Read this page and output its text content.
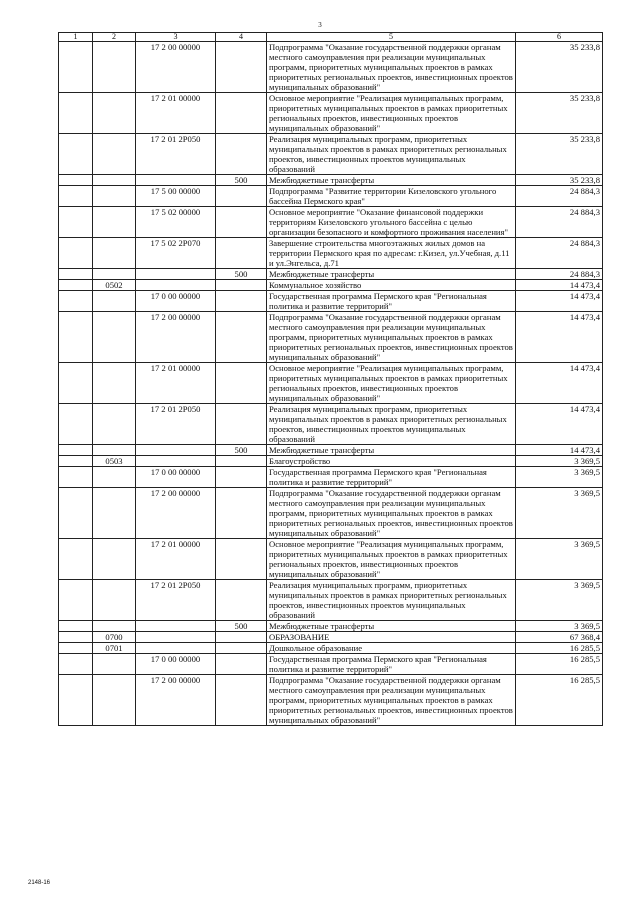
3
1	2	3	4	5	6
		17 2 00 00000		Подпрограмма "Оказание государственной поддержки органам местного самоуправления при реализации муниципальных программ, приоритетных муниципальных проектов в рамках приоритетных региональных проектов, инвестиционных проектов муниципальных образований"	35 233,8
		17 2 01 00000		Основное мероприятие "Реализация муниципальных программ, приоритетных муниципальных проектов в рамках приоритетных региональных проектов, инвестиционных проектов муниципальных образований"	35 233,8
		17 2 01 2Р050		Реализация муниципальных программ, приоритетных муниципальных проектов в рамках приоритетных региональных проектов, инвестиционных проектов муниципальных образований	35 233,8
			500	Межбюджетные трансферты	35 233,8
		17 5 00 00000		Подпрограмма "Развитие территории Кизеловского угольного бассейна Пермского края"	24 884,3
		17 5 02 00000		Основное мероприятие "Оказание финансовой поддержки территориям Кизеловского угольного бассейна с целью организации безопасного и комфортного проживания населения"	24 884,3
		17 5 02 2Р070		Завершение строительства многоэтажных жилых домов на территории Пермского края по адресам: г.Кизел, ул.Учебная, д.11 и ул.Энгельса, д.71	24 884,3
			500	Межбюджетные трансферты	24 884,3
	0502			Коммунальное хозяйство	14 473,4
		17 0 00 00000		Государственная программа Пермского края "Региональная политика и развитие территорий"	14 473,4
		17 2 00 00000		Подпрограмма "Оказание государственной поддержки органам местного самоуправления при реализации муниципальных программ, приоритетных муниципальных проектов в рамках приоритетных региональных проектов, инвестиционных проектов муниципальных образований"	14 473,4
		17 2 01 00000		Основное мероприятие "Реализация муниципальных программ, приоритетных муниципальных проектов в рамках приоритетных региональных проектов, инвестиционных проектов муниципальных образований"	14 473,4
		17 2 01 2Р050		Реализация муниципальных программ, приоритетных муниципальных проектов в рамках приоритетных региональных проектов, инвестиционных проектов муниципальных образований	14 473,4
			500	Межбюджетные трансферты	14 473,4
	0503			Благоустройство	3 369,5
		17 0 00 00000		Государственная программа Пермского края "Региональная политика и развитие территорий"	3 369,5
		17 2 00 00000		Подпрограмма "Оказание государственной поддержки органам местного самоуправления при реализации муниципальных программ, приоритетных муниципальных проектов в рамках приоритетных региональных проектов, инвестиционных проектов муниципальных образований"	3 369,5
		17 2 01 00000		Основное мероприятие "Реализация муниципальных программ, приоритетных муниципальных проектов в рамках приоритетных региональных проектов, инвестиционных проектов муниципальных образований"	3 369,5
		17 2 01 2Р050		Реализация муниципальных программ, приоритетных муниципальных проектов в рамках приоритетных региональных проектов, инвестиционных проектов муниципальных образований	3 369,5
			500	Межбюджетные трансферты	3 369,5
	0700			ОБРАЗОВАНИЕ	67 368,4
	0701			Дошкольное образование	16 285,5
		17 0 00 00000		Государственная программа Пермского края "Региональная политика и развитие территорий"	16 285,5
		17 2 00 00000		Подпрограмма "Оказание государственной поддержки органам местного самоуправления при реализации муниципальных программ, приоритетных муниципальных проектов в рамках приоритетных региональных проектов, инвестиционных проектов муниципальных образований"	16 285,5
2148-16
